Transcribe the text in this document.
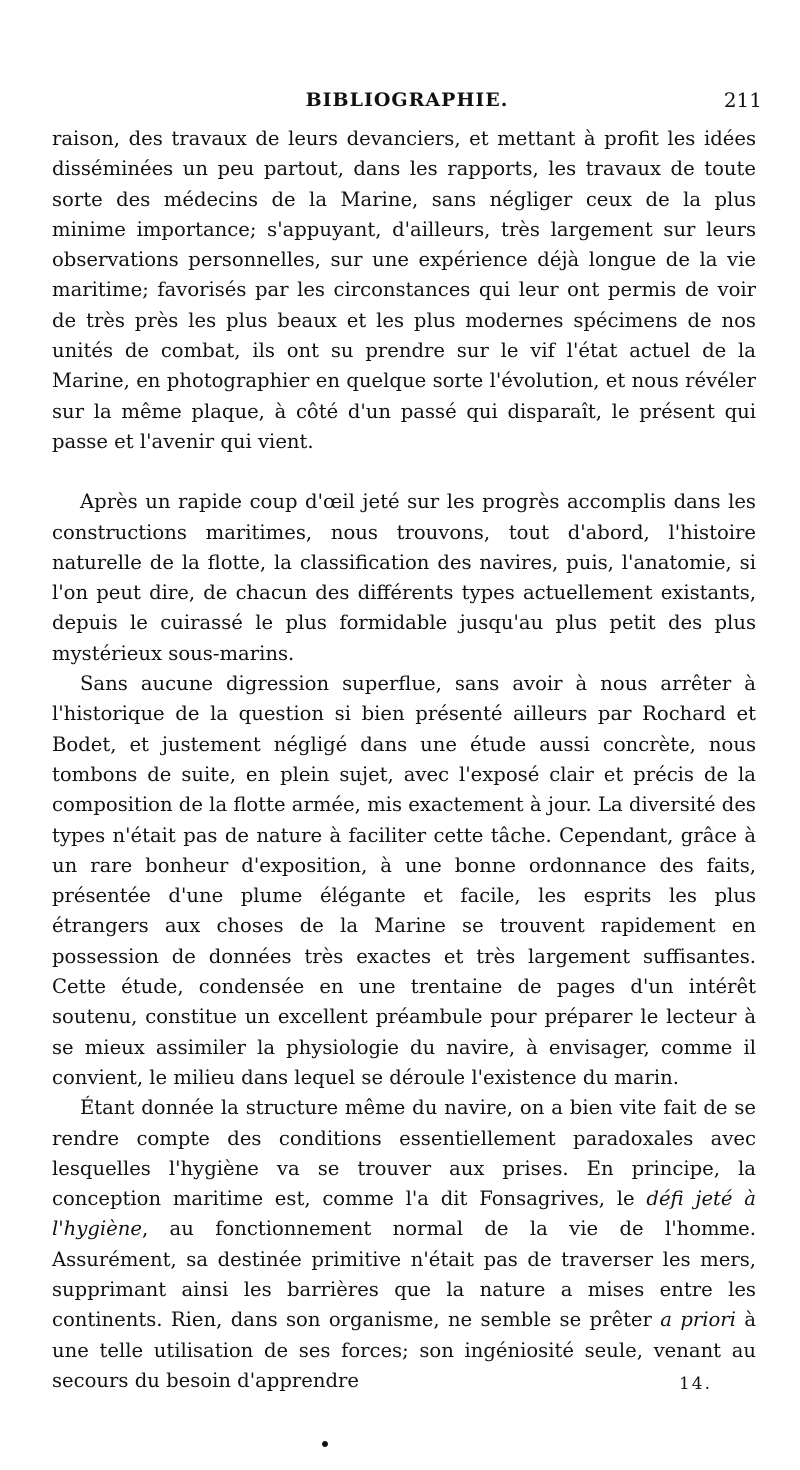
BIBLIOGRAPHIE.	211

raison, des travaux de leurs devanciers, et mettant à profit les idées disséminées un peu partout, dans les rapports, les travaux de toute sorte des médecins de la Marine, sans négliger ceux de la plus minime importance; s'appuyant, d'ailleurs, très largement sur leurs observations personnelles, sur une expérience déjà longue de la vie maritime; favorisés par les circonstances qui leur ont permis de voir de très près les plus beaux et les plus modernes spécimens de nos unités de combat, ils ont su prendre sur le vif l'état actuel de la Marine, en photographier en quelque sorte l'évolution, et nous révéler sur la même plaque, à côté d'un passé qui disparaît, le présent qui passe et l'avenir qui vient.

Après un rapide coup d'œil jeté sur les progrès accomplis dans les constructions maritimes, nous trouvons, tout d'abord, l'histoire naturelle de la flotte, la classification des navires, puis, l'anatomie, si l'on peut dire, de chacun des différents types actuellement existants, depuis le cuirassé le plus formidable jusqu'au plus petit des plus mystérieux sous-marins.

Sans aucune digression superflue, sans avoir à nous arrêter à l'historique de la question si bien présenté ailleurs par Rochard et Bodet, et justement négligé dans une étude aussi concrète, nous tombons de suite, en plein sujet, avec l'exposé clair et précis de la composition de la flotte armée, mis exactement à jour. La diversité des types n'était pas de nature à faciliter cette tâche. Cependant, grâce à un rare bonheur d'exposition, à une bonne ordonnance des faits, présentée d'une plume élégante et facile, les esprits les plus étrangers aux choses de la Marine se trouvent rapidement en possession de données très exactes et très largement suffisantes. Cette étude, condensée en une trentaine de pages d'un intérêt soutenu, constitue un excellent préambule pour préparer le lecteur à se mieux assimiler la physiologie du navire, à envisager, comme il convient, le milieu dans lequel se déroule l'existence du marin.

Étant donnée la structure même du navire, on a bien vite fait de se rendre compte des conditions essentiellement paradoxales avec lesquelles l'hygiène va se trouver aux prises. En principe, la conception maritime est, comme l'a dit Fonsagrives, le défi jeté à l'hygiène, au fonctionnement normal de la vie de l'homme. Assurément, sa destinée primitive n'était pas de traverser les mers, supprimant ainsi les barrières que la nature a mises entre les continents. Rien, dans son organisme, ne semble se prêter a priori à une telle utilisation de ses forces; son ingéniosité seule, venant au secours du besoin d'apprendre	14.
